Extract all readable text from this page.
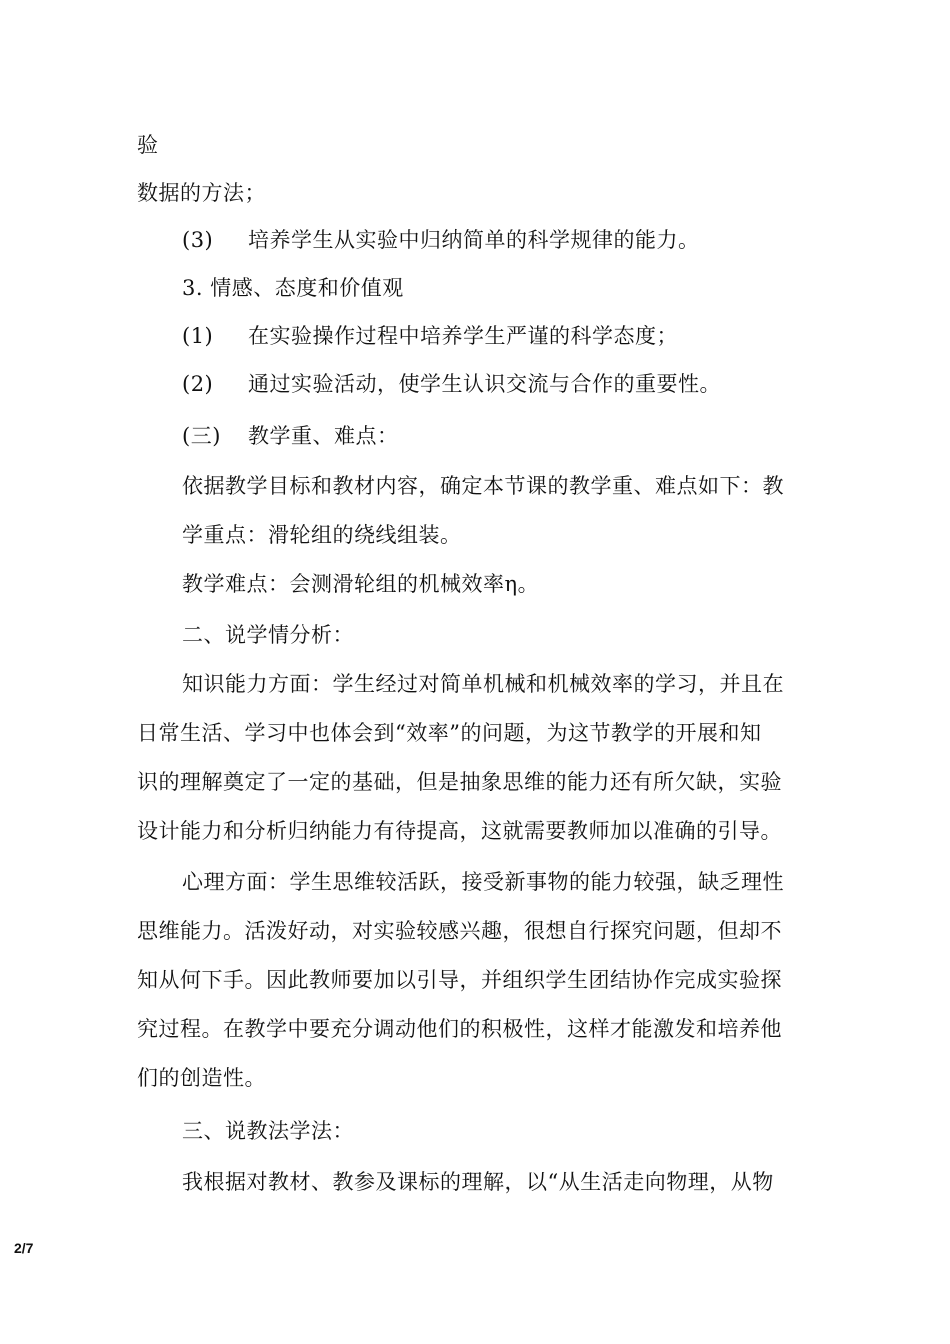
验
数据的方法；
(3) 培养学生从实验中归纳简单的科学规律的能力。
3. 情感、态度和价值观
(1) 在实验操作过程中培养学生严谨的科学态度；
(2) 通过实验活动，使学生认识交流与合作的重要性。
(三) 教学重、难点：
依据教学目标和教材内容，确定本节课的教学重、难点如下：教
学重点：滑轮组的绕线组装。
教学难点：会测滑轮组的机械效率η。
二、说学情分析：
知识能力方面：学生经过对简单机械和机械效率的学习，并且在
日常生活、学习中也体会到“效率”的问题，为这节教学的开展和知
识的理解奠定了一定的基础，但是抽象思维的能力还有所欠缺，实验
设计能力和分析归纳能力有待提高，这就需要教师加以准确的引导。
心理方面：学生思维较活跃，接受新事物的能力较强，缺乏理性
思维能力。活泼好动，对实验较感兴趣，很想自行探究问题，但却不
知从何下手。因此教师要加以引导，并组织学生团结协作完成实验探
究过程。在教学中要充分调动他们的积极性，这样才能激发和培养他
们的创造性。
三、说教法学法：
我根据对教材、教参及课标的理解，以“从生活走向物理，从物
2/7
